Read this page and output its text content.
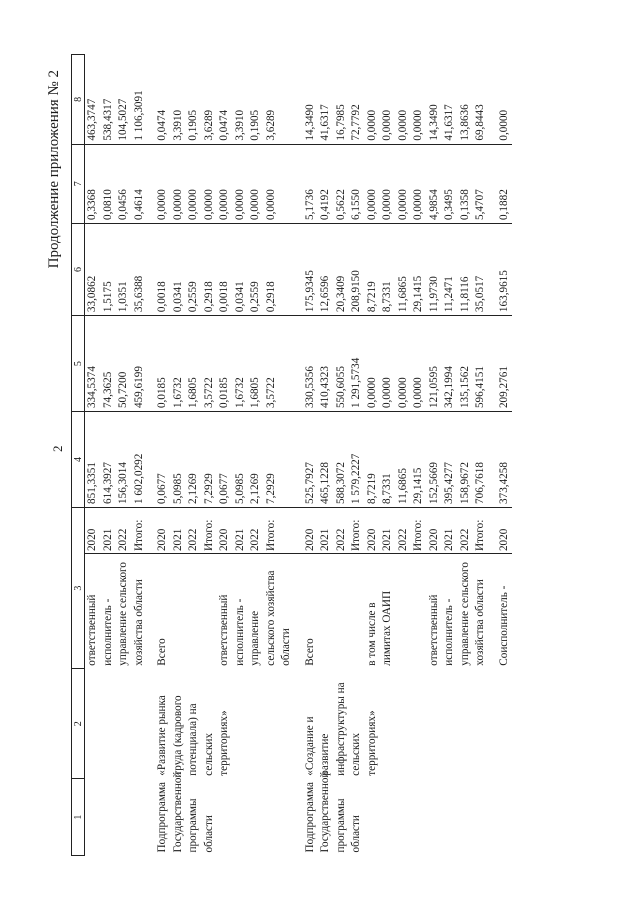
2
Продолжение приложения № 2
1	2	3		4	5	6	7	8
		ответственный	2020	851,3351	334,5374	33,0862	0,3368	463,3747
		исполнитель -	2021	614,3927	74,3625	1,5175	0,0810	538,4317
		управление сельского	2022	156,3014	50,7200	1,0351	0,0456	104,5027
		хозяйства области	Итого:	1 602,0292	459,6199	35,6388	0,4614	1 106,3091

Подпрограмма	«Развитие рынка	Всего	2020	0,0677	0,0185	0,0018	0,0000	0,0474
Государственной	труда (кадрового		2021	5,0985	1,6732	0,0341	0,0000	3,3910
программы	потенциала) на		2022	2,1269	1,6805	0,2559	0,0000	0,1905
области	сельских		Итого:	7,2929	3,5722	0,2918	0,0000	3,6289
	территориях»	ответственный	2020	0,0677	0,0185	0,0018	0,0000	0,0474
		исполнитель -	2021	5,0985	1,6732	0,0341	0,0000	3,3910
		управление	2022	2,1269	1,6805	0,2559	0,0000	0,1905
		сельского хозяйства	Итого:	7,2929	3,5722	0,2918	0,0000	3,6289
		области						

Подпрограмма	«Создание и	Всего	2020	525,7927	330,5356	175,9345	5,1736	14,3490
Государственной	развитие		2021	465,1228	410,4323	12,6596	0,4192	41,6317
программы	инфраструктуры на		2022	588,3072	550,6055	20,3409	0,5622	16,7985
области	сельских		Итого:	1 579,2227	1 291,5734	208,9150	6,1550	72,7792
	территориях»	в том числе в	2020	8,7219	0,0000	8,7219	0,0000	0,0000
		лимитах ОАИП	2021	8,7331	0,0000	8,7331	0,0000	0,0000
			2022	11,6865	0,0000	11,6865	0,0000	0,0000
			Итого:	29,1415	0,0000	29,1415	0,0000	0,0000
		ответственный	2020	152,5669	121,0595	11,9730	4,9854	14,3490
		исполнитель -	2021	395,4277	342,1994	11,2471	0,3495	41,6317
		управление сельского	2022	158,9672	135,1562	11,8116	0,1358	13,8636
		хозяйства области	Итого:	706,7618	596,4151	35,0517	5,4707	69,8443

		Соисполнитель -	2020	373,4258	209,2761	163,9615	0,1882	0,0000
